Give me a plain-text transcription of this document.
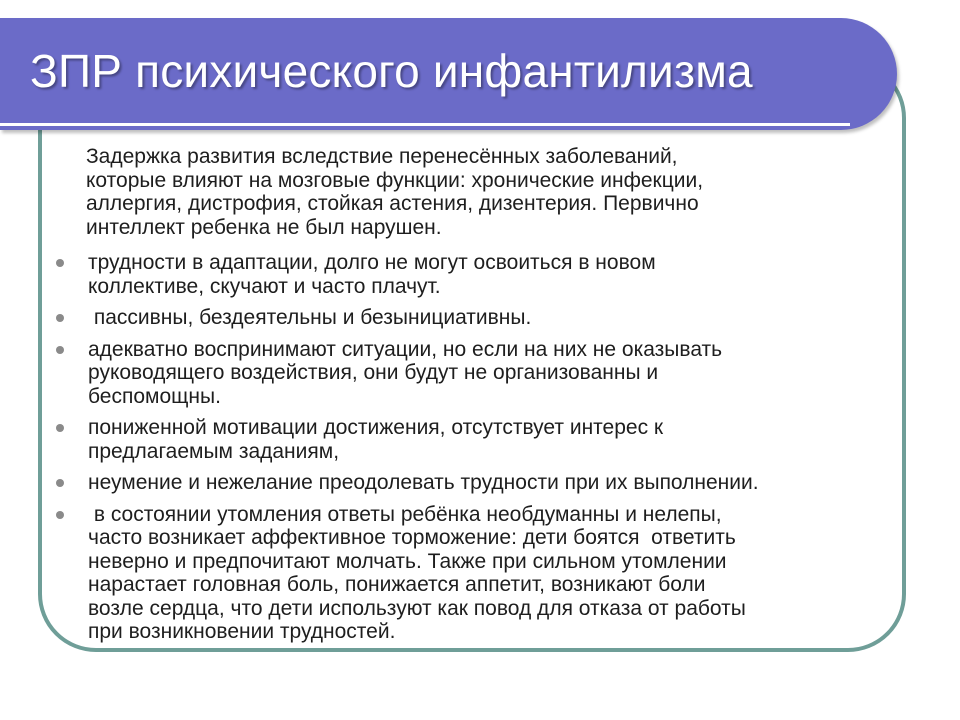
ЗПР психического инфантилизма

Задержка развития вследствие перенесённых заболеваний,
которые влияют на мозговые функции: хронические инфекции,
аллергия, дистрофия, стойкая астения, дизентерия. Первично
интеллект ребенка не был нарушен.

трудности в адаптации, долго не могут освоиться в новом
коллективе, скучают и часто плачут.
пассивны, бездеятельны и безынициативны.
адекватно воспринимают ситуации, но если на них не оказывать
руководящего воздействия, они будут не организованны и
беспомощны.
пониженной мотивации достижения, отсутствует интерес к
предлагаемым заданиям,
неумение и нежелание преодолевать трудности при их выполнении.
в состоянии утомления ответы ребёнка необдуманны и нелепы,
часто возникает аффективное торможение: дети боятся  ответить
неверно и предпочитают молчать. Также при сильном утомлении
нарастает головная боль, понижается аппетит, возникают боли
возле сердца, что дети используют как повод для отказа от работы
при возникновении трудностей.
